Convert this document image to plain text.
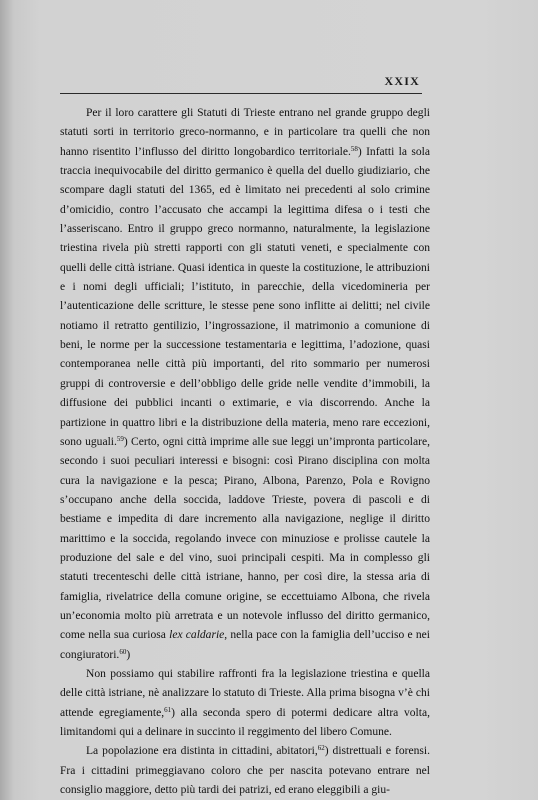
XXIX

Per il loro carattere gli Statuti di Trieste entrano nel grande gruppo degli statuti sorti in territorio greco-normanno, e in particolare tra quelli che non hanno risentito l’influsso del diritto longobardico territoriale.$^{58}$) Infatti la sola traccia inequivocabile del diritto germanico è quella del duello giudiziario, che scompare dagli statuti del 1365, ed è limitato nei precedenti al solo crimine d’omicidio, contro l’accusato che accampi la legittima difesa o i testi che l’asseriscano. Entro il gruppo greco normanno, naturalmente, la legislazione triestina rivela più stretti rapporti con gli statuti veneti, e specialmente con quelli delle città istriane. Quasi identica in queste la costituzione, le attribuzioni e i nomi degli ufficiali; l’istituto, in parecchie, della vicedomineria per l’autenticazione delle scritture, le stesse pene sono inflitte ai delitti; nel civile notiamo il retratto gentilizio, l’ingrossazione, il matrimonio a comunione di beni, le norme per la successione testamentaria e legittima, l’adozione, quasi contemporanea nelle città più importanti, del rito sommario per numerosi gruppi di controversie e dell’obbligo delle gride nelle vendite d’immobili, la diffusione dei pubblici incanti o extimarie, e via discorrendo. Anche la partizione in quattro libri e la distribuzione della materia, meno rare eccezioni, sono uguali.$^{59}$) Certo, ogni città imprime alle sue leggi un’impronta particolare, secondo i suoi peculiari interessi e bisogni: così Pirano disciplina con molta cura la navigazione e la pesca; Pirano, Albona, Parenzo, Pola e Rovigno s’occupano anche della soccida, laddove Trieste, povera di pascoli e di bestiame e impedita di dare incremento alla navigazione, neglige il diritto marittimo e la soccida, regolando invece con minuziose e prolisse cautele la produzione del sale e del vino, suoi principali cespiti. Ma in complesso gli statuti trecenteschi delle città istriane, hanno, per così dire, la stessa aria di famiglia, rivelatrice della comune origine, se eccettuiamo Albona, che rivela un’economia molto più arretrata e un notevole influsso del diritto germanico, come nella sua curiosa lex caldarie, nella pace con la famiglia dell’ucciso e nei congiuratori.$^{60}$)

Non possiamo qui stabilire raffronti fra la legislazione triestina e quella delle città istriane, nè analizzare lo statuto di Trieste. Alla prima bisogna v’è chi attende egregiamente,$^{61}$) alla seconda spero di potermi dedicare altra volta, limitandomi qui a delinare in succinto il reggimento del libero Comune.

La popolazione era distinta in cittadini, abitatori,$^{62}$) distrettuali e forensi. Fra i cittadini primeggiavano coloro che per nascita potevano entrare nel consiglio maggiore, detto più tardi dei patrizi, ed erano eleggibili a giu-
